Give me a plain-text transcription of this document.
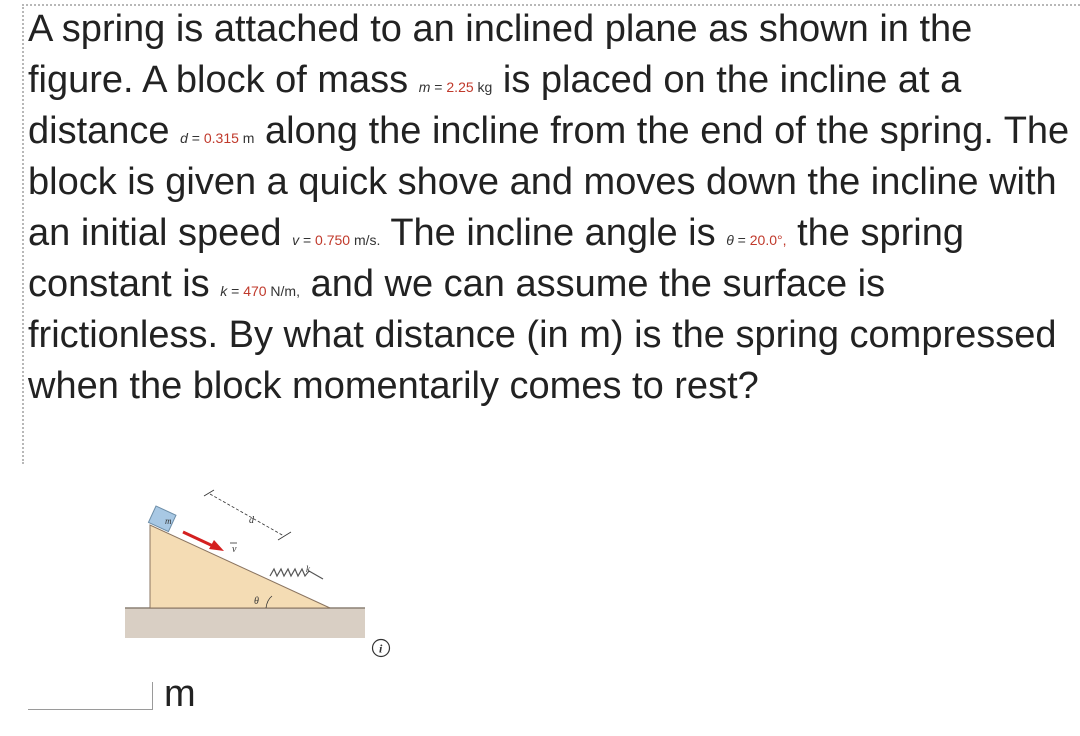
A spring is attached to an inclined plane as shown in the figure. A block of mass m = 2.25 kg is placed on the incline at a distance d = 0.315 m along the incline from the end of the spring. The block is given a quick shove and moves down the incline with an initial speed v = 0.750 m/s. The incline angle is θ = 20.0°, the spring constant is k = 470 N/m, and we can assume the surface is frictionless. By what distance (in m) is the spring compressed when the block momentarily comes to rest?
m
v
d
k
θ
i
m
